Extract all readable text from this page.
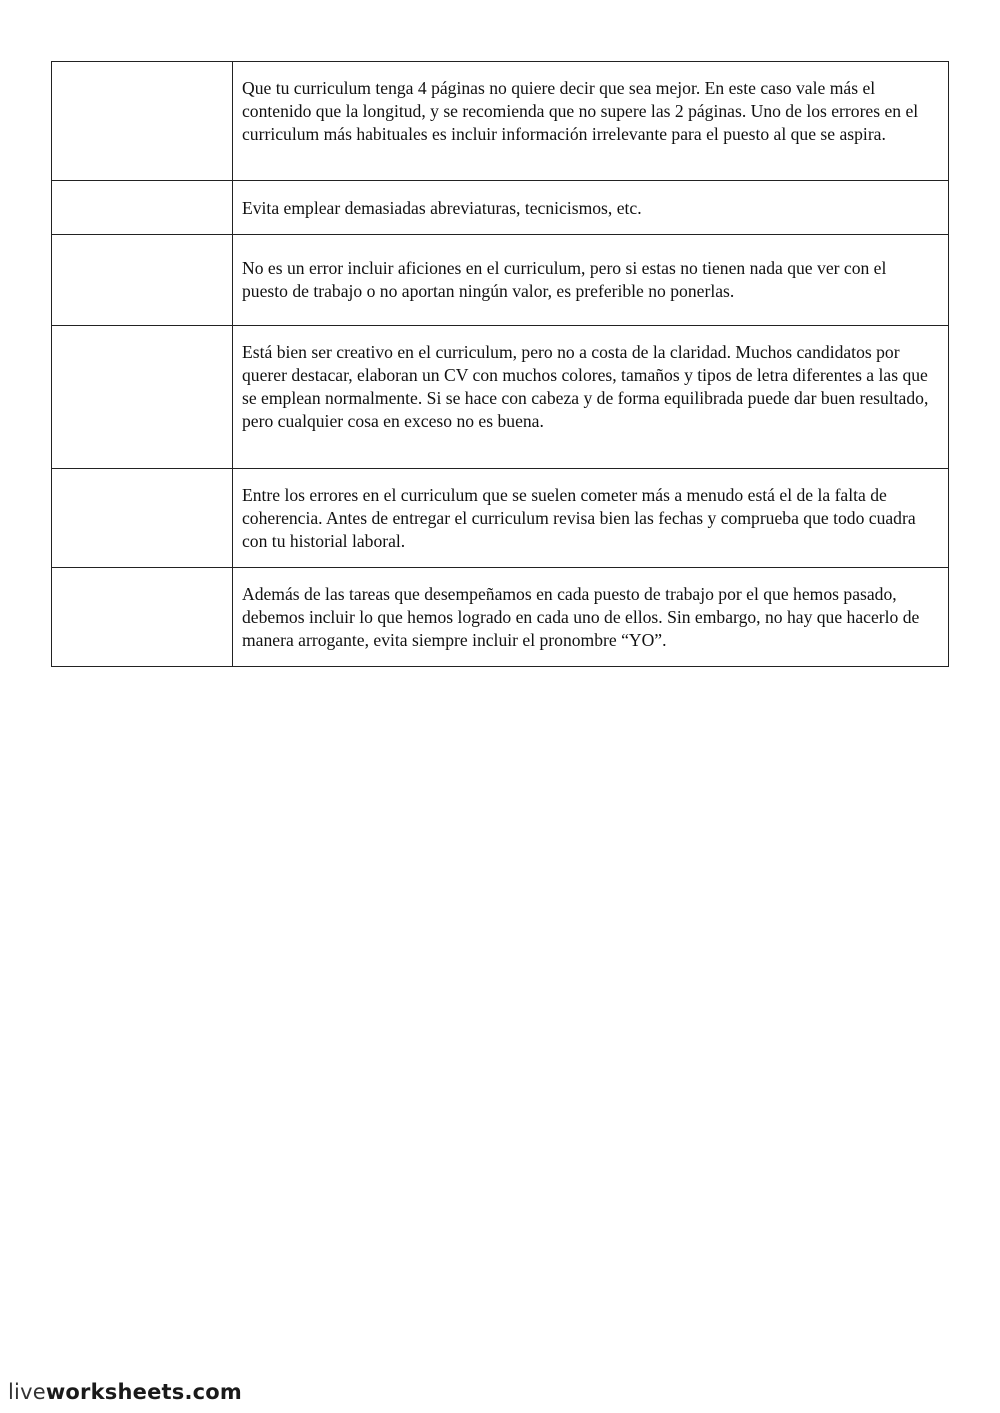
	Que tu curriculum tenga 4 páginas no quiere decir que sea mejor. En este caso vale más el contenido que la longitud, y se recomienda que no supere las 2 páginas. Uno de los errores en el curriculum más habituales es incluir información irrelevante para el puesto al que se aspira.

	Evita emplear demasiadas abreviaturas, tecnicismos, etc.

	No es un error incluir aficiones en el curriculum, pero si estas no tienen nada que ver con el puesto de trabajo o no aportan ningún valor, es preferible no ponerlas.

	Está bien ser creativo en el curriculum, pero no a costa de la claridad. Muchos candidatos por querer destacar, elaboran un CV con muchos colores, tamaños y tipos de letra diferentes a las que se emplean normalmente. Si se hace con cabeza y de forma equilibrada puede dar buen resultado, pero cualquier cosa en exceso no es buena.

	Entre los errores en el curriculum que se suelen cometer más a menudo está el de la falta de coherencia. Antes de entregar el curriculum revisa bien las fechas y comprueba que todo cuadra con tu historial laboral.

	Además de las tareas que desempeñamos en cada puesto de trabajo por el que hemos pasado, debemos incluir lo que hemos logrado en cada uno de ellos. Sin embargo, no hay que hacerlo de manera arrogante, evita siempre incluir el pronombre “YO”.

liveworksheets.com
